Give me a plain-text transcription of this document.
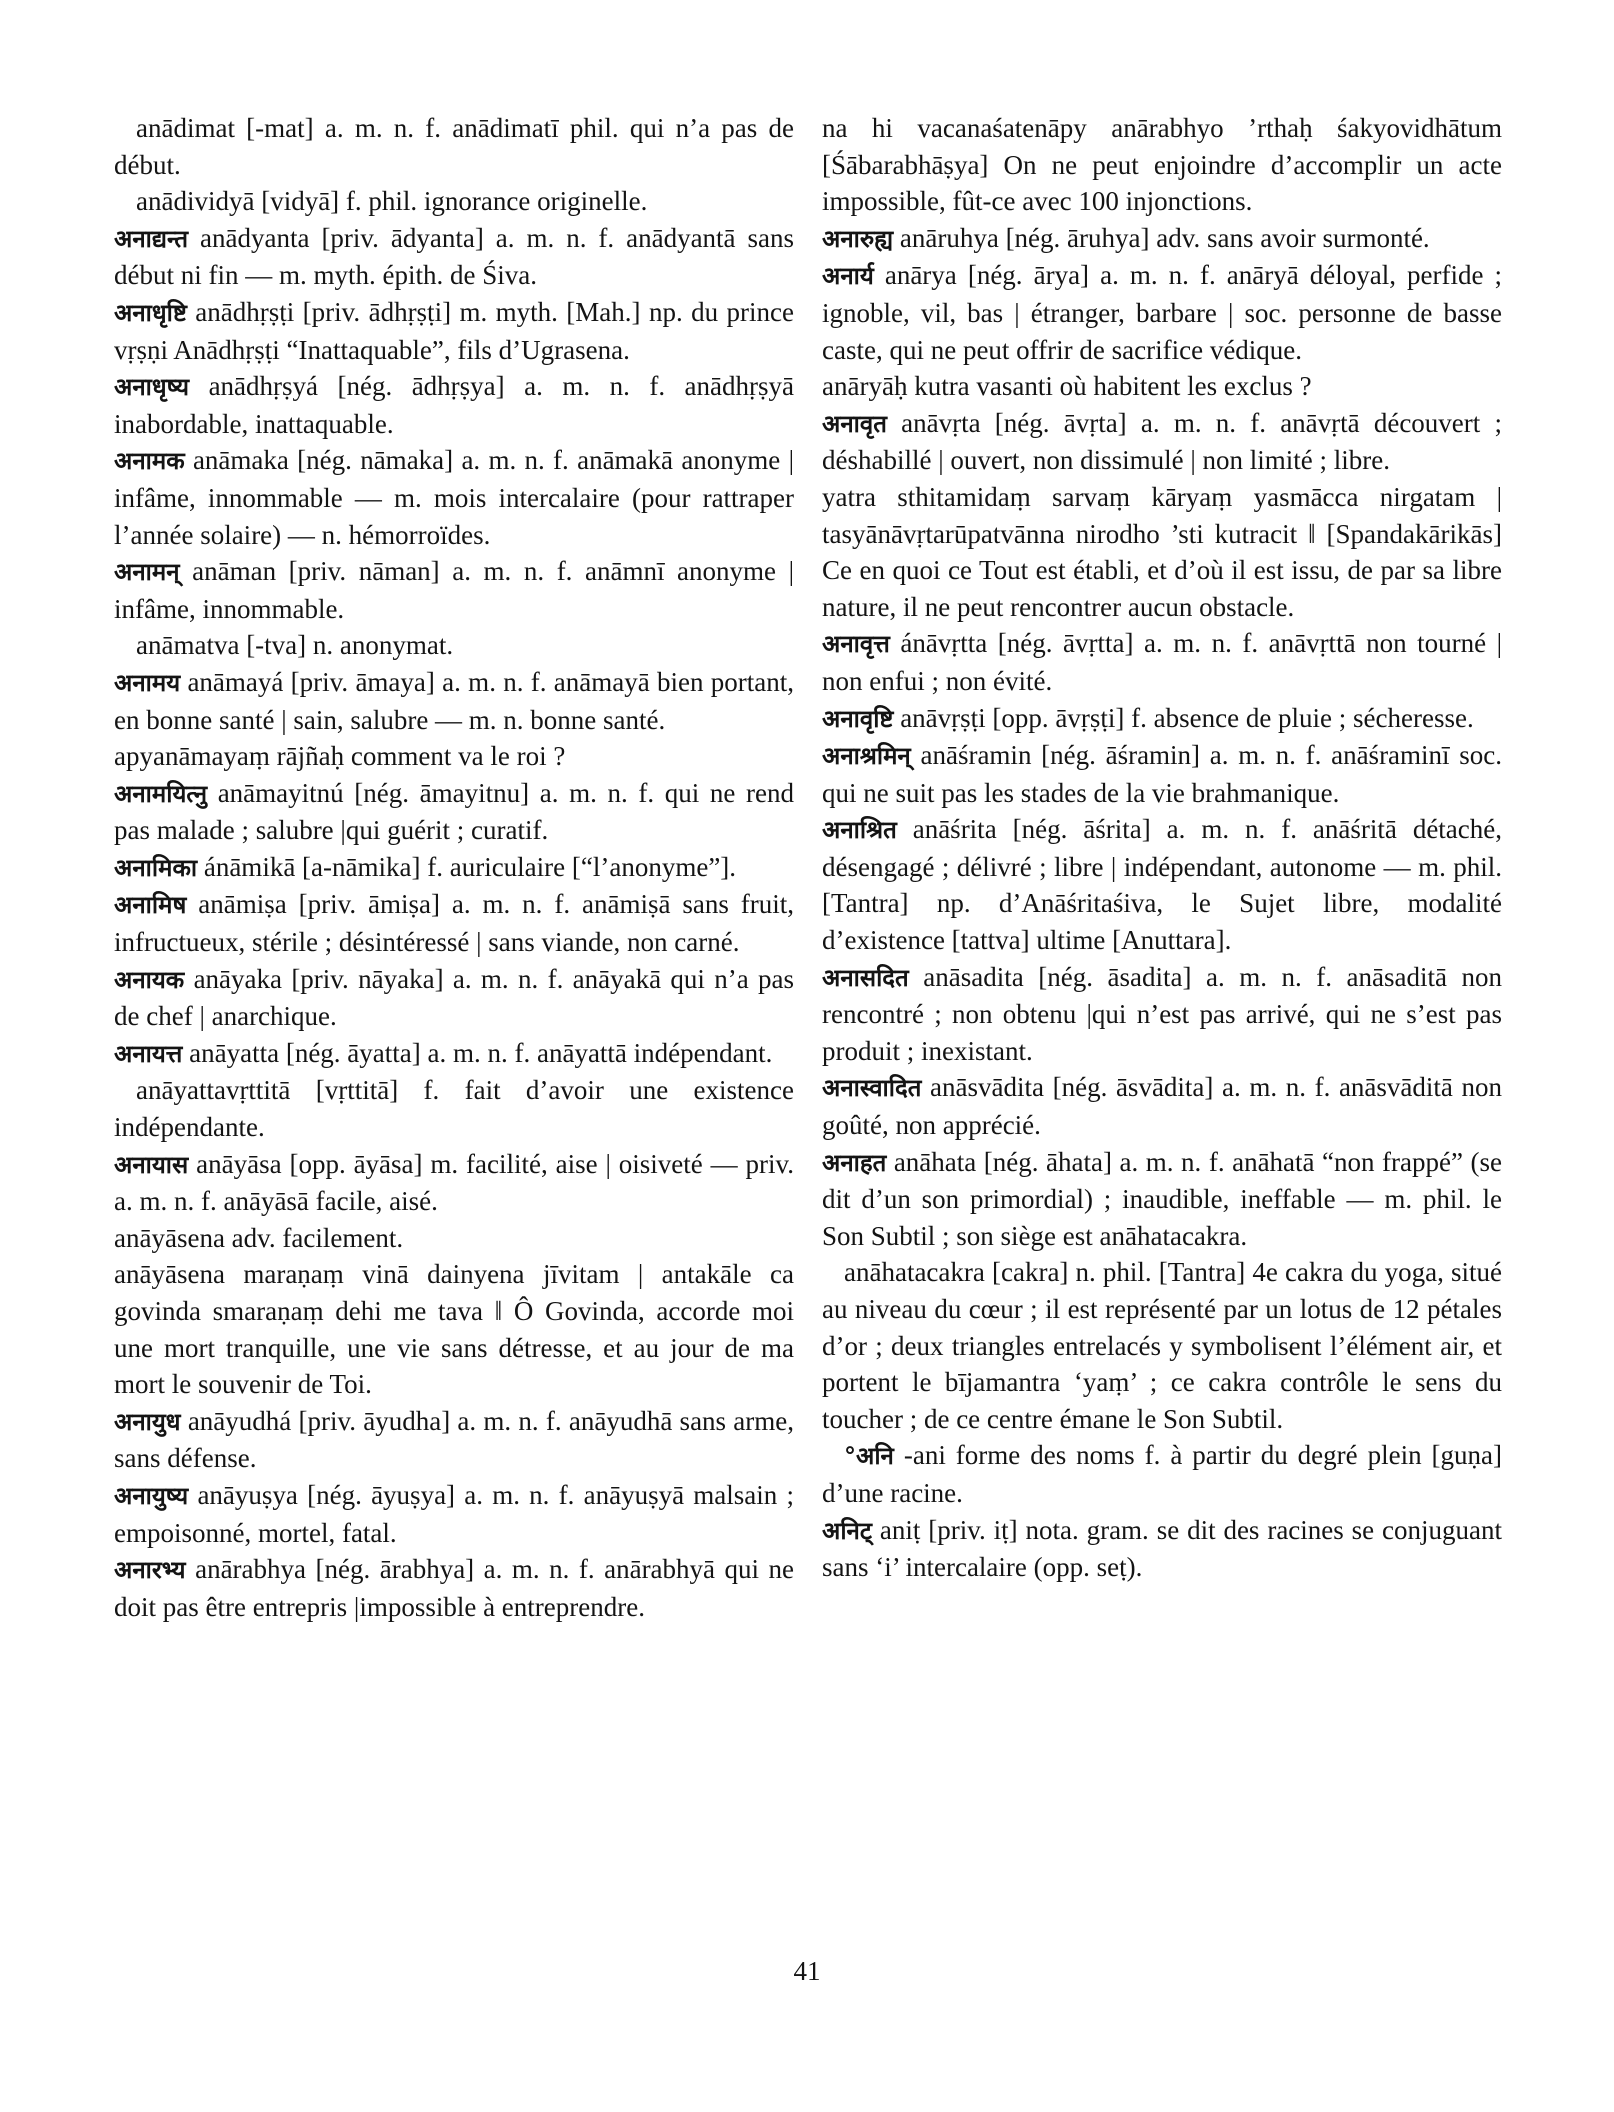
anādimat [-mat] a. m. n. f. anādimatī phil. qui n’a pas de début.

anādividyā [vidyā] f. phil. ignorance originelle.

अनाद्यन्त anādyanta [priv. ādyanta] a. m. n. f. anādyantā sans début ni fin — m. myth. épith. de Śiva.

अनाधृष्टि anādhṛṣṭi [priv. ādhṛṣṭi] m. myth. [Mah.] np. du prince vṛṣṇi Anādhṛṣṭi “Inattaquable”, fils d’Ugrasena.

अनाधृष्य anādhṛṣyá [nég. ādhṛṣya] a. m. n. f. anādhṛṣyā inabordable, inattaquable.

अनामक anāmaka [nég. nāmaka] a. m. n. f. anāmakā anonyme | infâme, innommable — m. mois intercalaire (pour rattraper l’année solaire) — n. hémorroïdes.

अनामन् anāman [priv. nāman] a. m. n. f. anāmnī anonyme | infâme, innommable.

anāmatva [-tva] n. anonymat.

अनामय anāmayá [priv. āmaya] a. m. n. f. anāmayā bien portant, en bonne santé | sain, salubre — m. n. bonne santé.

apyanāmayaṃ rājñaḥ comment va le roi ?

अनामयित्नु anāmayitnú [nég. āmayitnu] a. m. n. f. qui ne rend pas malade ; salubre |qui guérit ; curatif.

अनामिका ánāmikā [a-nāmika] f. auriculaire [“l’anonyme”].

अनामिष anāmiṣa [priv. āmiṣa] a. m. n. f. anāmiṣā sans fruit, infructueux, stérile ; désintéressé | sans viande, non carné.

अनायक anāyaka [priv. nāyaka] a. m. n. f. anāyakā qui n’a pas de chef | anarchique.

अनायत्त anāyatta [nég. āyatta] a. m. n. f. anāyattā indépendant.

anāyattavṛttitā [vṛttitā] f. fait d’avoir une existence indépendante.

अनायास anāyāsa [opp. āyāsa] m. facilité, aise | oisiveté — priv. a. m. n. f. anāyāsā facile, aisé.

anāyāsena adv. facilement.

anāyāsena maraṇaṃ vinā dainyena jīvitam | antakāle ca govinda smaraṇaṃ dehi me tava ‖ Ô Govinda, accorde moi une mort tranquille, une vie sans détresse, et au jour de ma mort le souvenir de Toi.

अनायुध anāyudhá [priv. āyudha] a. m. n. f. anāyudhā sans arme, sans défense.

अनायुष्य anāyuṣya [nég. āyuṣya] a. m. n. f. anāyuṣyā malsain ; empoisonné, mortel, fatal.

अनारभ्य anārabhya [nég. ārabhya] a. m. n. f. anārabhyā qui ne doit pas être entrepris |impossible à entreprendre.

na hi vacanaśatenāpy anārabhyo ’rthaḥ śakyovidhātum [Śābarabhāṣya] On ne peut enjoindre d’accomplir un acte impossible, fût-ce avec 100 injonctions.

अनारुह्य anāruhya [nég. āruhya] adv. sans avoir surmonté.

अनार्य anārya [nég. ārya] a. m. n. f. anāryā déloyal, perfide ; ignoble, vil, bas | étranger, barbare | soc. personne de basse caste, qui ne peut offrir de sacrifice védique.

anāryāḥ kutra vasanti où habitent les exclus ?

अनावृत anāvṛta [nég. āvṛta] a. m. n. f. anāvṛtā découvert ; déshabillé | ouvert, non dissimulé | non limité ; libre.

yatra sthitamidaṃ sarvaṃ kāryaṃ yasmācca nirgatam | tasyānāvṛtarūpatvānna nirodho ’sti kutracit ‖ [Spandakārikās] Ce en quoi ce Tout est établi, et d’où il est issu, de par sa libre nature, il ne peut rencontrer aucun obstacle.

अनावृत्त ánāvṛtta [nég. āvṛtta] a. m. n. f. anāvṛttā non tourné | non enfui ; non évité.

अनावृष्टि anāvṛṣṭi [opp. āvṛṣṭi] f. absence de pluie ; sécheresse.

अनाश्रमिन् anāśramin [nég. āśramin] a. m. n. f. anāśraminī soc. qui ne suit pas les stades de la vie brahmanique.

अनाश्रित anāśrita [nég. āśrita] a. m. n. f. anāśritā détaché, désengagé ; délivré ; libre | indépendant, autonome — m. phil. [Tantra] np. d’Anāśritaśiva, le Sujet libre, modalité d’existence [tattva] ultime [Anuttara].

अनासदित anāsadita [nég. āsadita] a. m. n. f. anāsaditā non rencontré ; non obtenu |qui n’est pas arrivé, qui ne s’est pas produit ; inexistant.

अनास्वादित anāsvādita [nég. āsvādita] a. m. n. f. anāsvāditā non goûté, non apprécié.

अनाहत anāhata [nég. āhata] a. m. n. f. anāhatā “non frappé” (se dit d’un son primordial) ; inaudible, ineffable — m. phil. le Son Subtil ; son siège est anāhatacakra.

anāhatacakra [cakra] n. phil. [Tantra] 4e cakra du yoga, situé au niveau du cœur ; il est représenté par un lotus de 12 pétales d’or ; deux triangles entrelacés y symbolisent l’élément air, et portent le bījamantra ‘yaṃ’ ; ce cakra contrôle le sens du toucher ; de ce centre émane le Son Subtil.

°अनि -ani forme des noms f. à partir du degré plein [guṇa] d’une racine.

अनिट् aniṭ [priv. iṭ] nota. gram. se dit des racines se conjuguant sans ‘i’ intercalaire (opp. seṭ).

41
